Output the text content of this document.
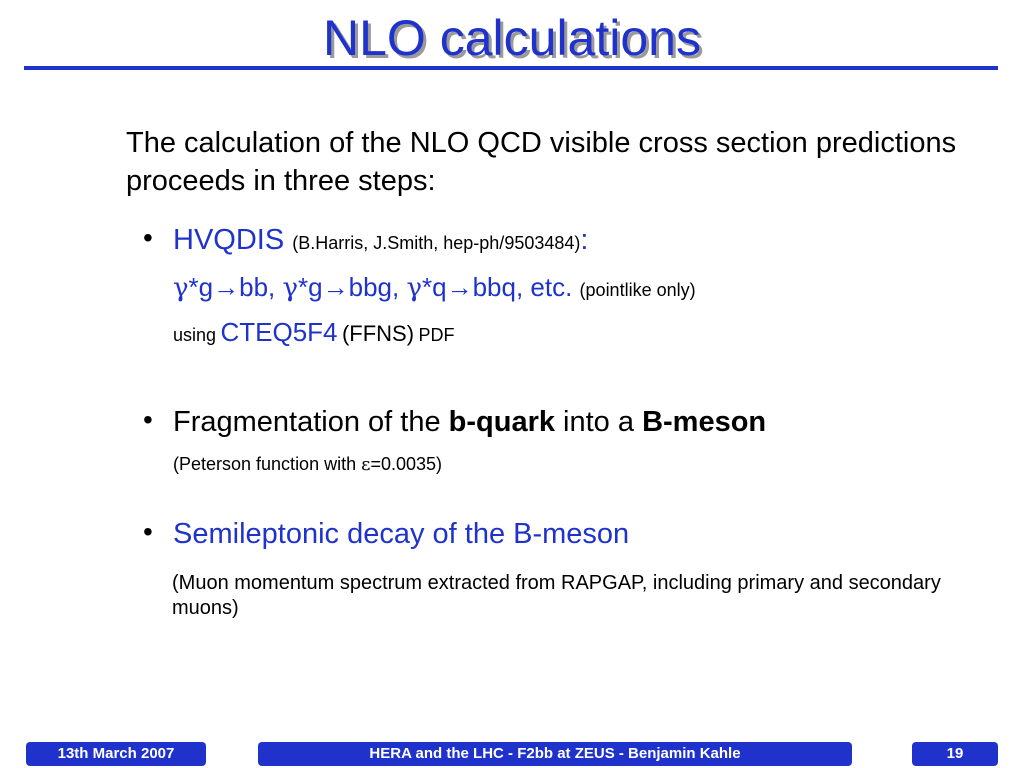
NLO calculations
The calculation of the NLO QCD visible cross section predictions proceeds in three steps:
• HVQDIS (B.Harris, J.Smith, hep-ph/9503484):
γ*g→bb, γ*g→bbg, γ*q→bbq, etc. (pointlike only)
using CTEQ5F4 (FFNS) PDF
• Fragmentation of the b-quark into a B-meson
(Peterson function with ε=0.0035)
• Semileptonic decay of the B-meson
(Muon momentum spectrum extracted from RAPGAP, including primary and secondary muons)
13th March 2007	HERA and the LHC - F2bb at ZEUS - Benjamin Kahle	19
